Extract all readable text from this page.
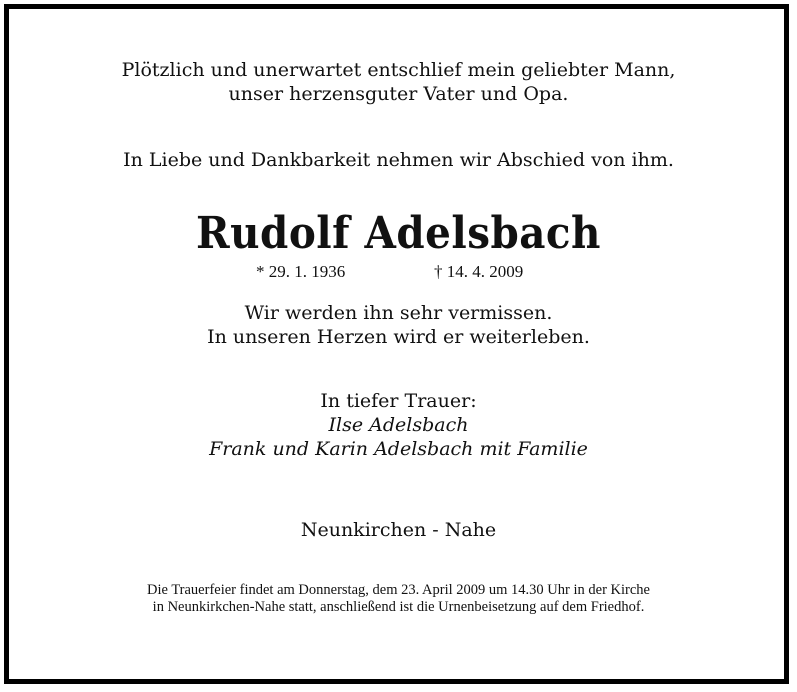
Plötzlich und unerwartet entschlief mein geliebter Mann,
unser herzensguter Vater und Opa.
In Liebe und Dankbarkeit nehmen wir Abschied von ihm.
Rudolf Adelsbach
* 29. 1. 1936	† 14. 4. 2009
Wir werden ihn sehr vermissen.
In unseren Herzen wird er weiterleben.
In tiefer Trauer:
Ilse Adelsbach
Frank und Karin Adelsbach mit Familie
Neunkirchen - Nahe
Die Trauerfeier findet am Donnerstag, dem 23. April 2009 um 14.30 Uhr in der Kirche
in Neunkirkchen-Nahe statt, anschließend ist die Urnenbeisetzung auf dem Friedhof.
